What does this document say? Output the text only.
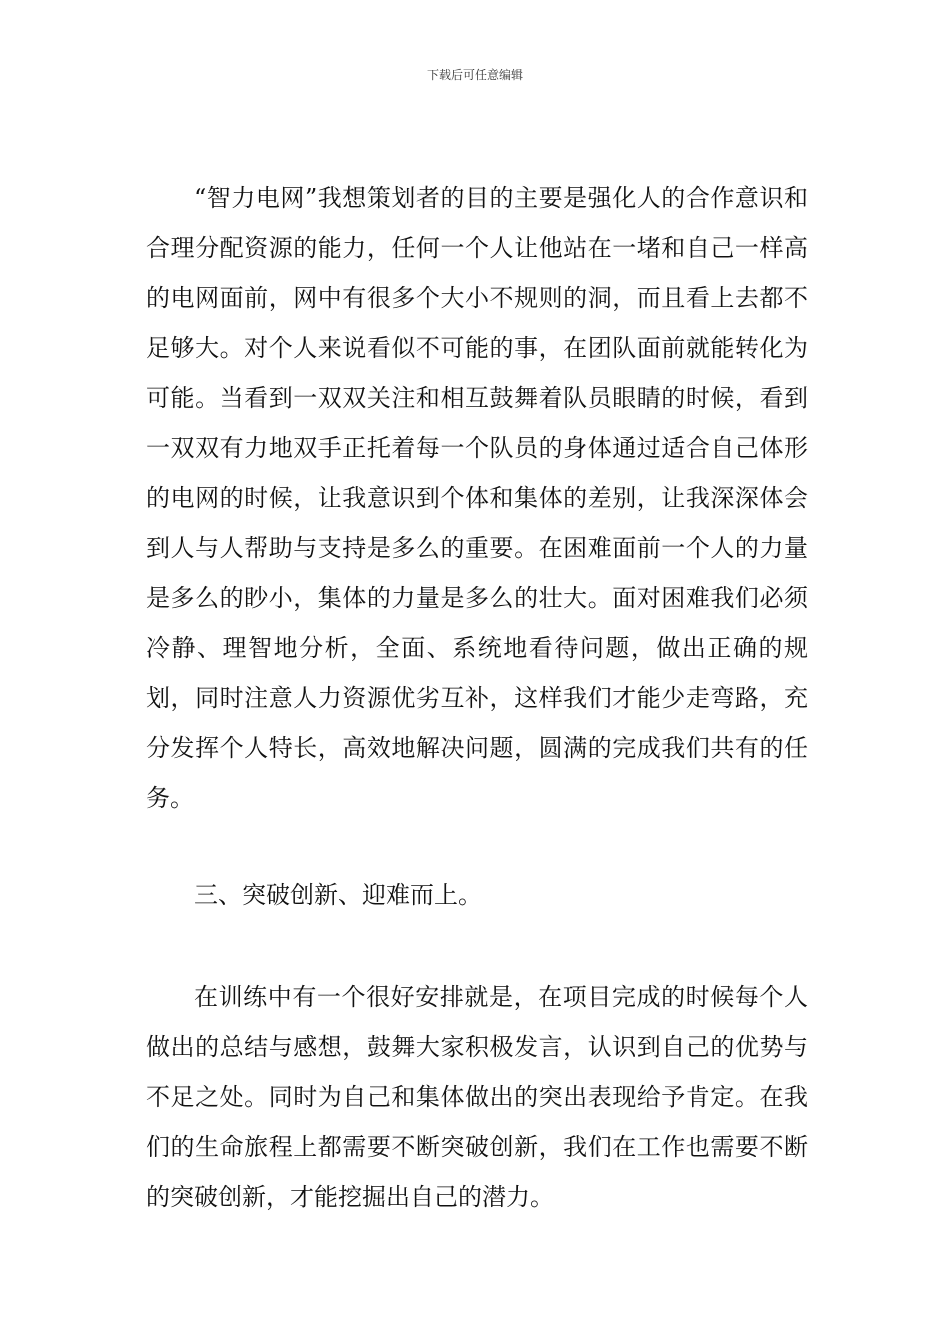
下载后可任意编辑

“智力电网”我想策划者的目的主要是强化人的合作意识和合理分配资源的能力，任何一个人让他站在一堵和自己一样高的电网面前，网中有很多个大小不规则的洞，而且看上去都不足够大。对个人来说看似不可能的事，在团队面前就能转化为可能。当看到一双双关注和相互鼓舞着队员眼睛的时候，看到一双双有力地双手正托着每一个队员的身体通过适合自己体形的电网的时候，让我意识到个体和集体的差别，让我深深体会到人与人帮助与支持是多么的重要。在困难面前一个人的力量是多么的眇小，集体的力量是多么的壮大。面对困难我们必须冷静、理智地分析，全面、系统地看待问题，做出正确的规划，同时注意人力资源优劣互补，这样我们才能少走弯路，充分发挥个人特长，高效地解决问题，圆满的完成我们共有的任务。

三、突破创新、迎难而上。

在训练中有一个很好安排就是，在项目完成的时候每个人做出的总结与感想，鼓舞大家积极发言，认识到自己的优势与不足之处。同时为自己和集体做出的突出表现给予肯定。在我们的生命旅程上都需要不断突破创新，我们在工作也需要不断的突破创新，才能挖掘出自己的潜力。
